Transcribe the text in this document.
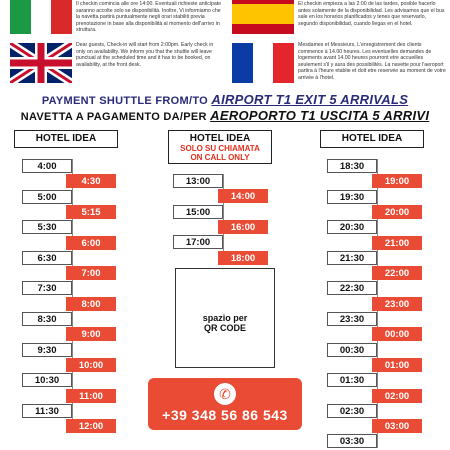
Il checkin comincia alle ore 14:00. Eventuali richieste anticipate saranno accolte solo se disponibilità. Inoltre, Vi informiamo che la navetta partirà puntualmente negli orari stabiliti previa prenotazione in base alla disponibilità al momento dell'arrivo in struttura.
El checkin empieza a las 2:00 de las tardes, posible hacerlo antes solamente de la disponibilidad. Les advisamos que el bus sale en los horarios planificados y tenes que reservarlo, segundo disponibilidad, cuando llegas en el hotel.
Dear guests, Check-in will start from 2:00pm. Early check in only on availability. We inform you that the shuttle will leave punctual at the scheduled time and it has to be booked, on availability, at the front desk.
Mesdames et Messieurs, L'enregistrement des clients commence à 14.00 heures. Les eventuelles demandes de logements avant 14.00 heures pourront etre accueilles seulement s'il y aura des possibilitès. La navette pour l'aeroport partira à l'heure etablie et doit etre reservée au moment de votre arrivée à l'hotel.
PAYMENT SHUTTLE FROM/TO AIRPORT T1 EXIT 5 ARRIVALS
NAVETTA A PAGAMENTO DA/PER AEROPORTO T1 USCITA 5 ARRIVI
HOTEL IDEA	HOTEL IDEA
SOLO SU CHIAMATA
ON CALL ONLY
HOTEL IDEA
4:00
4:30
5:00
5:15
5:30
6:00
6:30
7:00
7:30
8:00
8:30
9:00
9:30
10:00
10:30
11:00
11:30
12:00
13:00
14:00
15:00
16:00
17:00
18:00
18:30
19:00
19:30
20:00
20:30
21:00
21:30
22:00
22:30
23:00
23:30
00:00
00:30
01:00
01:30
02:00
02:30
03:00
03:30
spazio per
QR CODE
✆
+39 348 56 86 543
